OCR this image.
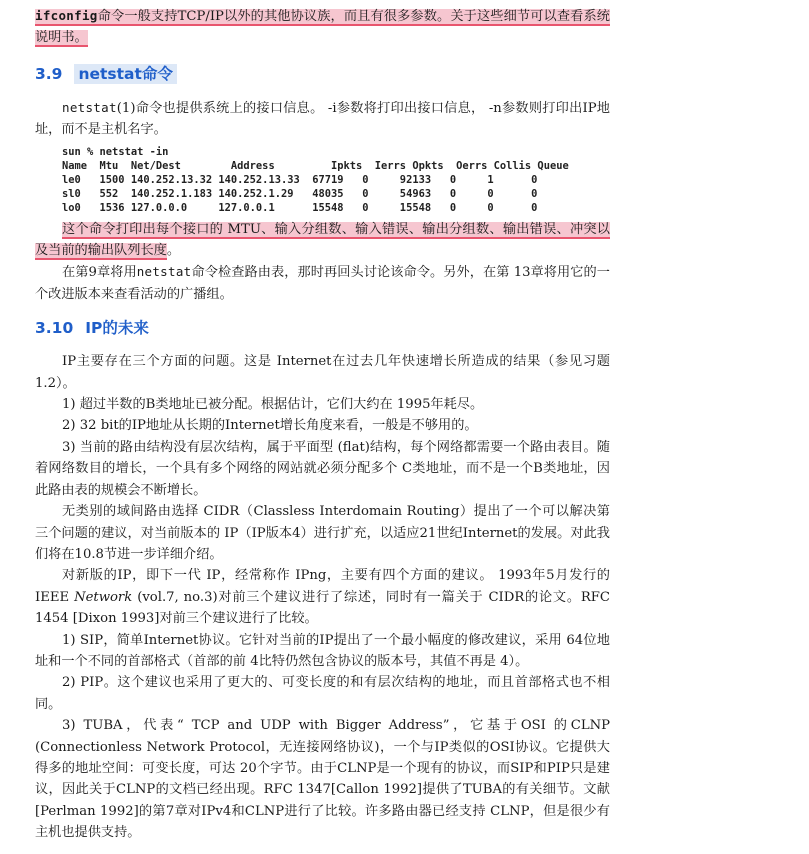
ifconfig命令一般支持TCP/IP以外的其他协议族，而且有很多参数。关于这些细节可以查看系统说明书。

3.9 netstat命令

netstat(1)命令也提供系统上的接口信息。 -i参数将打印出接口信息， -n参数则打印出IP地址，而不是主机名字。

sun % netstat -in
Name  Mtu  Net/Dest        Address         Ipkts  Ierrs Opkts  Oerrs Collis Queue
le0   1500 140.252.13.32 140.252.13.33  67719   0     92133   0     1      0
sl0   552  140.252.1.183 140.252.1.29   48035   0     54963   0     0      0
lo0   1536 127.0.0.0     127.0.0.1      15548   0     15548   0     0      0

这个命令打印出每个接口的 MTU、输入分组数、输入错误、输出分组数、输出错误、冲突以及当前的输出队列长度。

在第9章将用netstat命令检查路由表，那时再回头讨论该命令。另外，在第 13章将用它的一个改进版本来查看活动的广播组。

3.10 IP的未来

IP主要存在三个方面的问题。这是 Internet在过去几年快速增长所造成的结果（参见习题1.2）。

1) 超过半数的B类地址已被分配。根据估计，它们大约在 1995年耗尽。

2) 32 bit的IP地址从长期的Internet增长角度来看，一般是不够用的。

3) 当前的路由结构没有层次结构，属于平面型 (flat)结构，每个网络都需要一个路由表目。随着网络数目的增长，一个具有多个网络的网站就必须分配多个 C类地址，而不是一个B类地址，因此路由表的规模会不断增长。

无类别的域间路由选择 CIDR（Classless Interdomain Routing）提出了一个可以解决第三个问题的建议，对当前版本的 IP（IP版本4）进行扩充，以适应21世纪Internet的发展。对此我们将在10.8节进一步详细介绍。

对新版的IP，即下一代 IP，经常称作 IPng，主要有四个方面的建议。 1993年5月发行的IEEE Network (vol.7, no.3)对前三个建议进行了综述，同时有一篇关于 CIDR的论文。RFC 1454 [Dixon 1993]对前三个建议进行了比较。

1) SIP，简单Internet协议。它针对当前的IP提出了一个最小幅度的修改建议，采用 64位地址和一个不同的首部格式（首部的前 4比特仍然包含协议的版本号，其值不再是 4）。

2) PIP。这个建议也采用了更大的、可变长度的和有层次结构的地址，而且首部格式也不相同。

3) TUBA，代表“ TCP and UDP with Bigger Address”，它基于OSI 的CLNP (Connectionless Network Protocol，无连接网络协议)，一个与IP类似的OSI协议。它提供大得多的地址空间：可变长度，可达 20个字节。由于CLNP是一个现有的协议，而SIP和PIP只是建议，因此关于CLNP的文档已经出现。RFC 1347[Callon 1992]提供了TUBA的有关细节。文献 [Perlman 1992]的第7章对IPv4和CLNP进行了比较。许多路由器已经支持 CLNP，但是很少有主机也提供支持。
